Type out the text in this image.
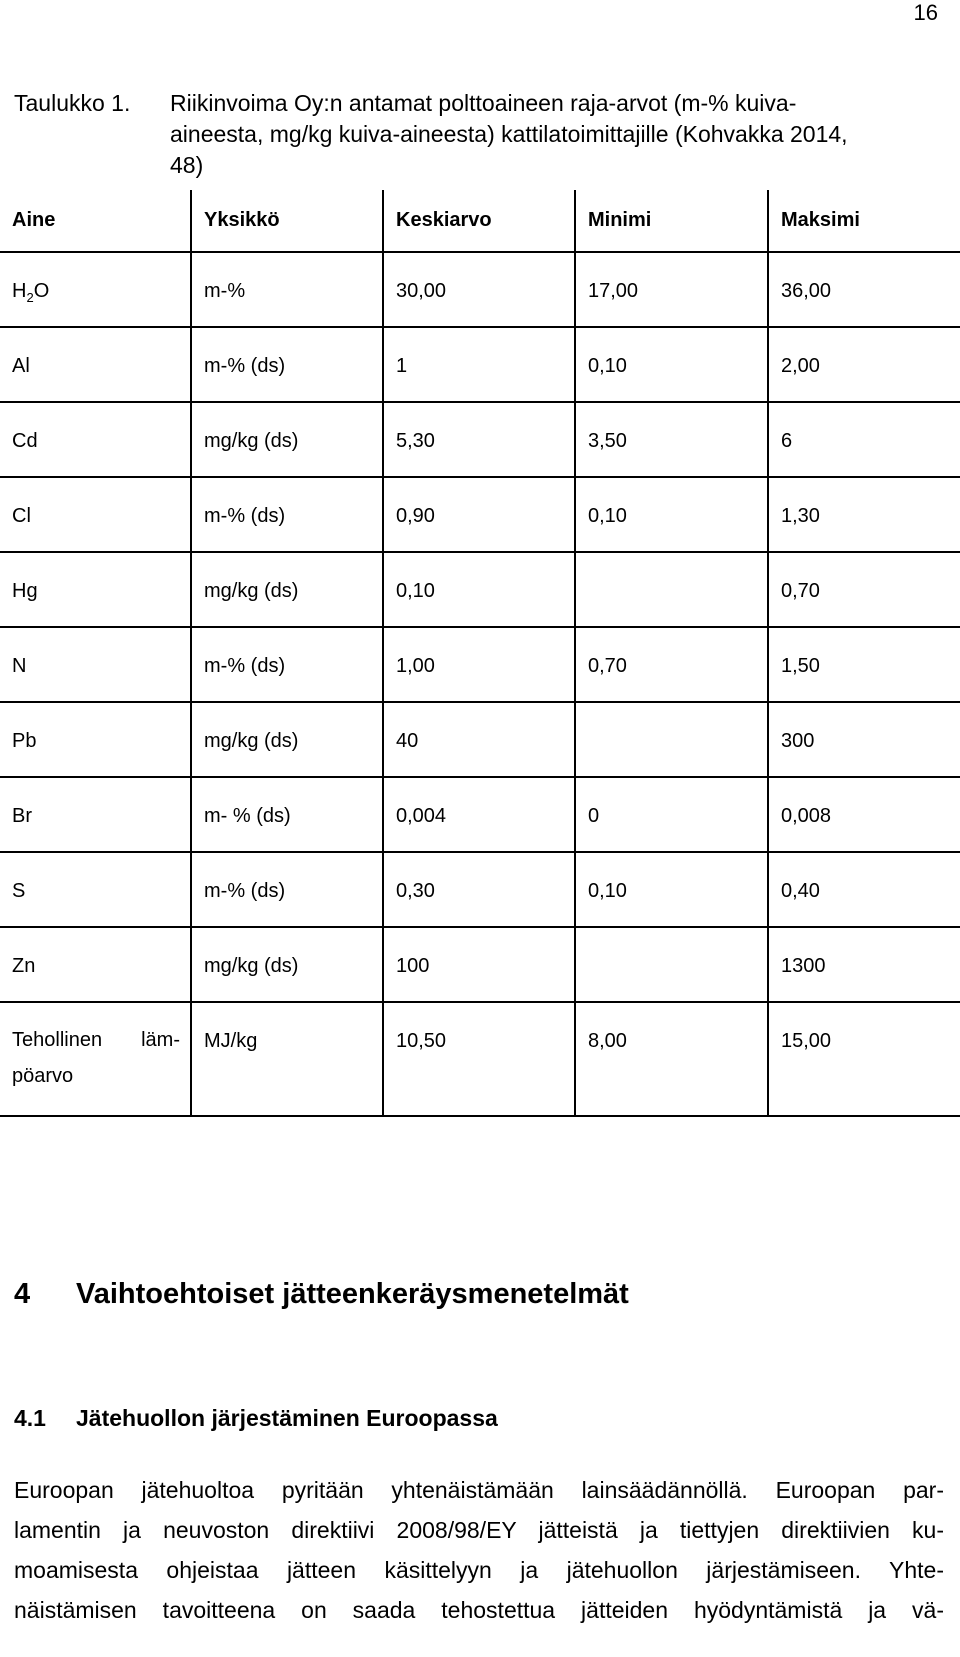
16
Taulukko 1. Riikinvoima Oy:n antamat polttoaineen raja-arvot (m-% kuiva-
aineesta, mg/kg kuiva-aineesta) kattilatoimittajille (Kohvakka 2014,
48)
Aine	Yksikkö	Keskiarvo	Minimi	Maksimi
$H_2O$	m-%	30,00	17,00	36,00
Al	m-% (ds)	1	0,10	2,00
Cd	mg/kg (ds)	5,30	3,50	6
Cl	m-% (ds)	0,90	0,10	1,30
Hg	mg/kg (ds)	0,10		0,70
N	m-% (ds)	1,00	0,70	1,50
Pb	mg/kg (ds)	40		300
Br	m- % (ds)	0,004	0	0,008
S	m-% (ds)	0,30	0,10	0,40
Zn	mg/kg (ds)	100		1300

Tehollinen läm-
pöarvo	MJ/kg	10,50	8,00	15,00
4 Vaihtoehtoiset jätteenkeräysmenetelmät
4.1 Jätehuollon järjestäminen Euroopassa
Euroopan jätehuoltoa pyritään yhtenäistämään lainsäädännöllä. Euroopan par-
lamentin ja neuvoston direktiivi 2008/98/EY jätteistä ja tiettyjen direktiivien ku-
moamisesta ohjeistaa jätteen käsittelyyn ja jätehuollon järjestämiseen. Yhte-
näistämisen tavoitteena on saada tehostettua jätteiden hyödyntämistä ja vä-
